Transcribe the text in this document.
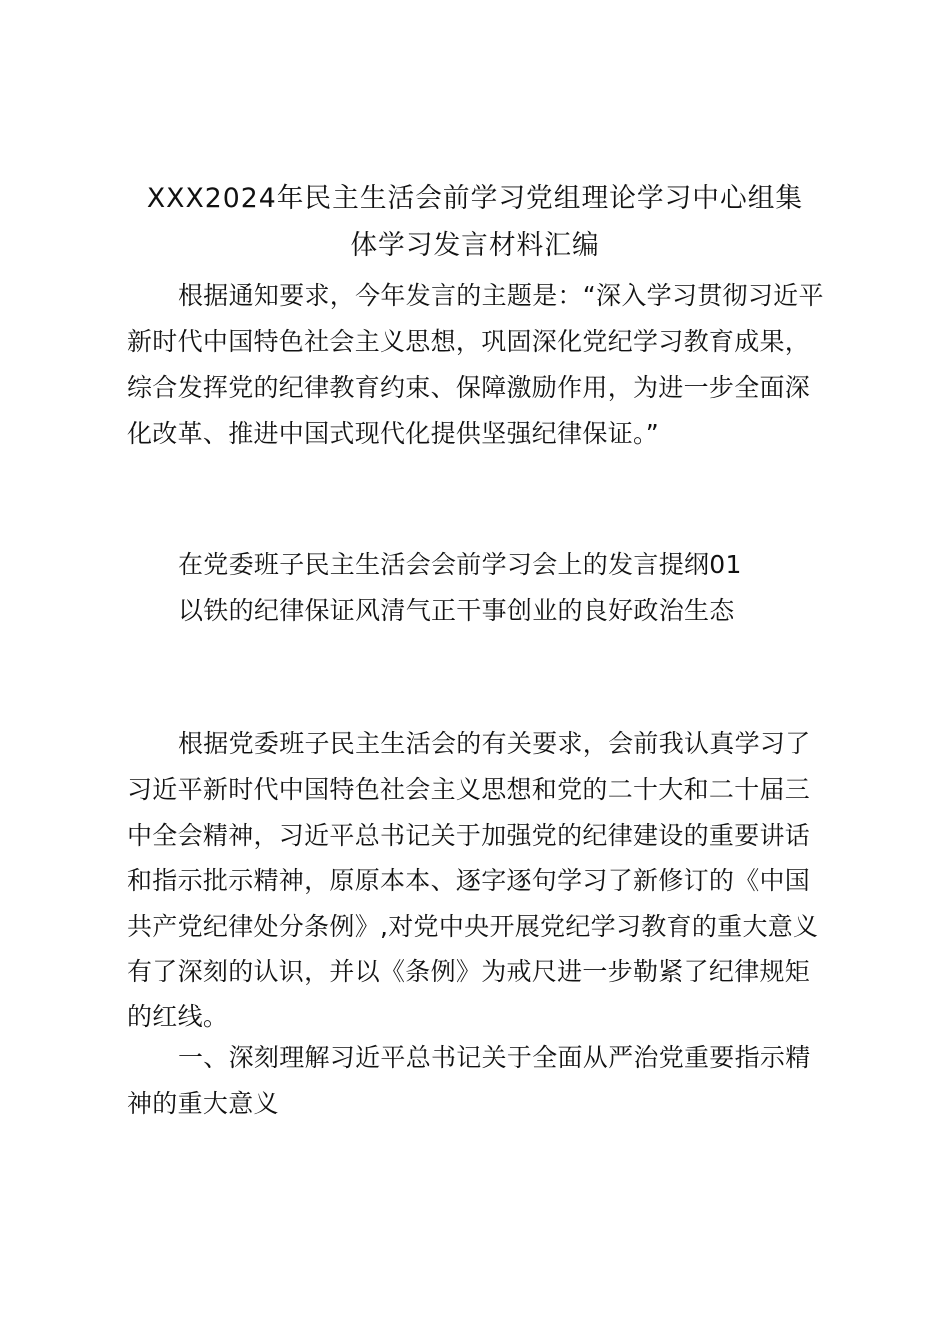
XXX2024年民主生活会前学习党组理论学习中心组集
体学习发言材料汇编
根据通知要求，今年发言的主题是：“深入学习贯彻习近平
新时代中国特色社会主义思想，巩固深化党纪学习教育成果，
综合发挥党的纪律教育约束、保障激励作用，为进一步全面深
化改革、推进中国式现代化提供坚强纪律保证。”
在党委班子民主生活会会前学习会上的发言提纲01
以铁的纪律保证风清气正干事创业的良好政治生态
根据党委班子民主生活会的有关要求，会前我认真学习了
习近平新时代中国特色社会主义思想和党的二十大和二十届三
中全会精神，习近平总书记关于加强党的纪律建设的重要讲话
和指示批示精神，原原本本、逐字逐句学习了新修订的《中国
共产党纪律处分条例》,对党中央开展党纪学习教育的重大意义
有了深刻的认识，并以《条例》为戒尺进一步勒紧了纪律规矩
的红线。
一、深刻理解习近平总书记关于全面从严治党重要指示精
神的重大意义
